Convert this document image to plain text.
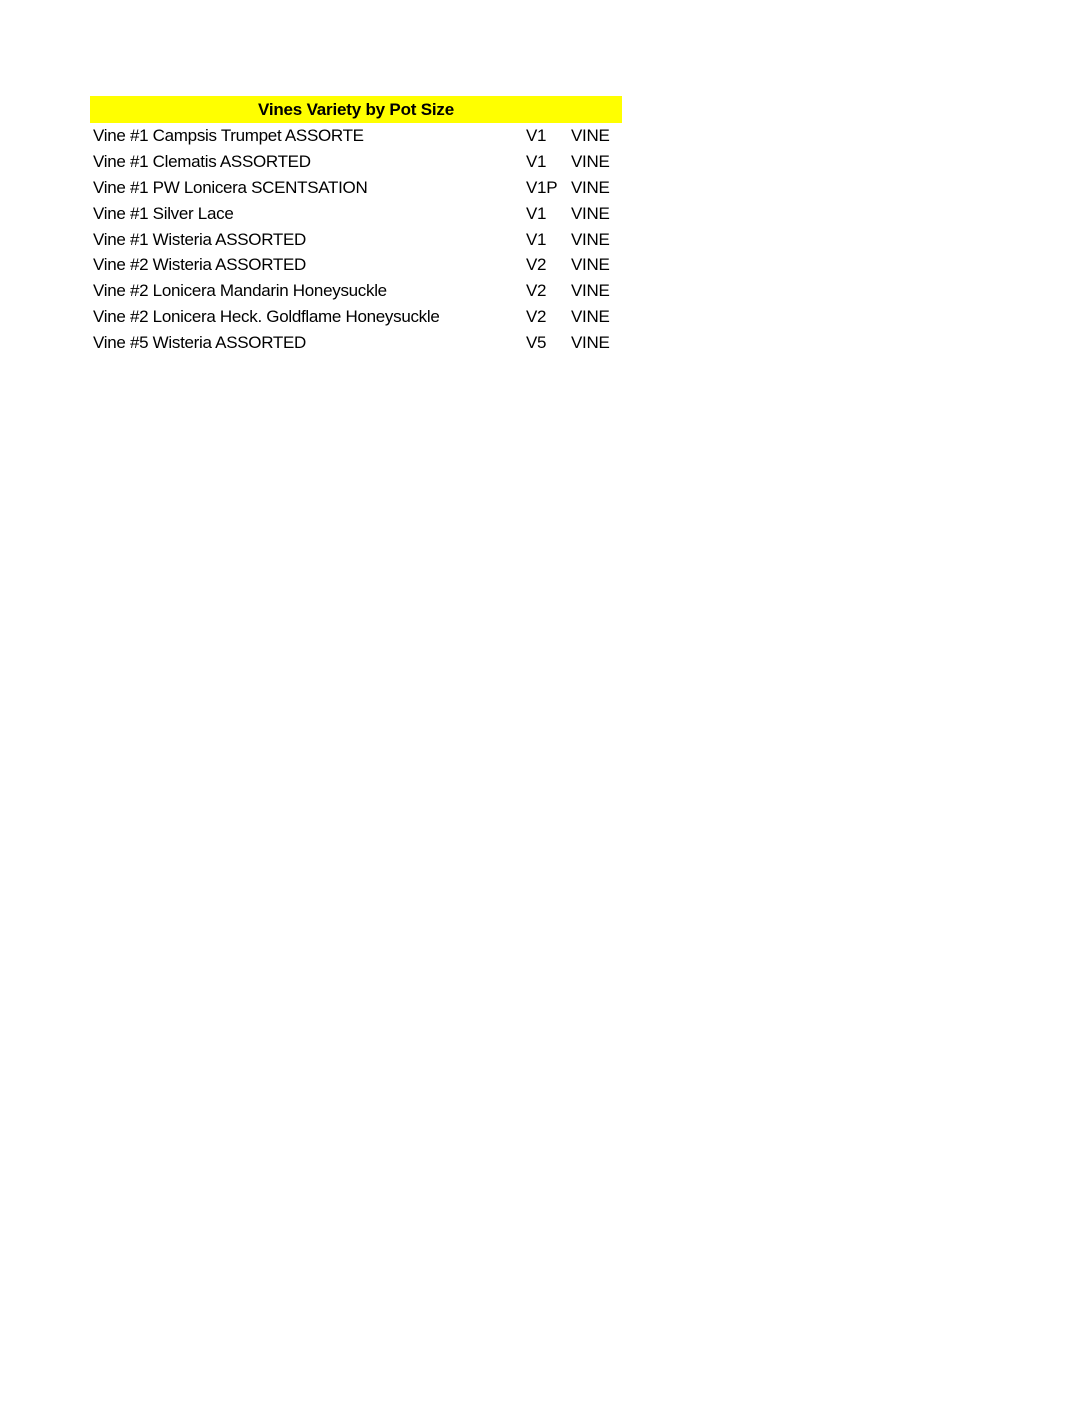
Vines Variety by Pot Size
Vine #1 Campsis Trumpet ASSORTE	V1 VINE
Vine #1 Clematis ASSORTED	V1 VINE
Vine #1 PW Lonicera SCENTSATION	V1P VINE
Vine #1 Silver Lace	V1 VINE
Vine #1 Wisteria ASSORTED	V1 VINE
Vine #2 Wisteria ASSORTED	V2 VINE
Vine #2 Lonicera Mandarin Honeysuckle	V2 VINE
Vine #2 Lonicera Heck. Goldflame Honeysuckle	V2 VINE
Vine #5 Wisteria ASSORTED	V5 VINE
